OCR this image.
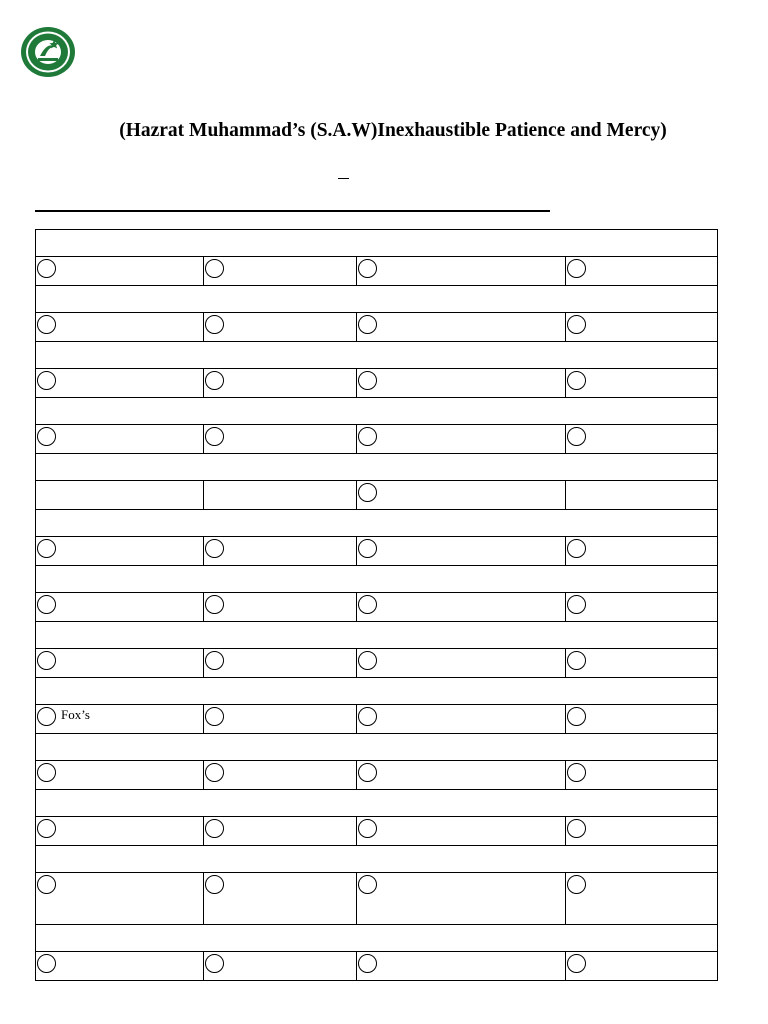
(Hazrat Muhammad’s (S.A.W)Inexhaustible Patience and Mercy)

Fox’s			
